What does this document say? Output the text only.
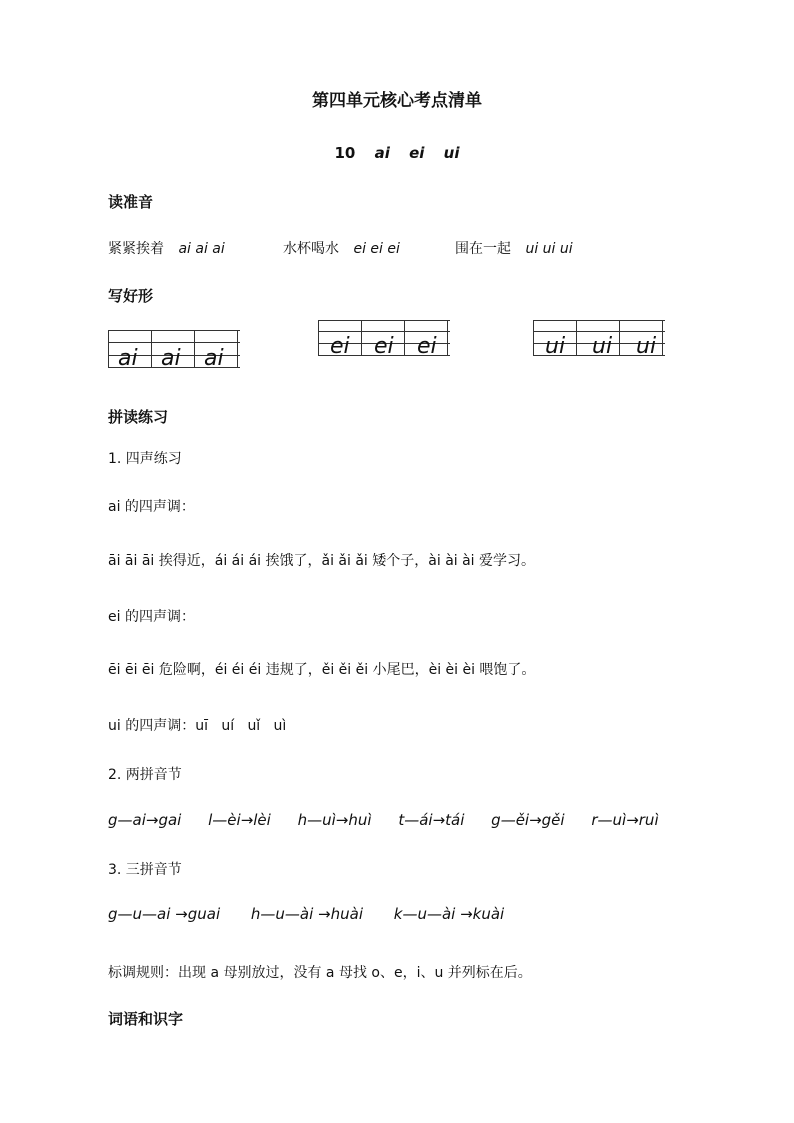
第四单元核心考点清单
10 ai ei ui
读准音
紧紧挨着 ai ai ai	水杯喝水 ei ei ei	围在一起 ui ui ui
写好形
ai ai ai	ei ei ei	ui ui ui
拼读练习
1. 四声练习
ai 的四声调：
āi āi āi 挨得近，ái ái ái 挨饿了，ǎi ǎi ǎi 矮个子，ài ài ài 爱学习。
ei 的四声调：
ēi ēi ēi 危险啊，éi éi éi 违规了，ěi ěi ěi 小尾巴，èi èi èi 喂饱了。
ui 的四声调：uī   uí   uǐ   uì
2. 两拼音节
g—ai→gai l—èi→lèi h—uì→huì t—ái→tái g—ěi→gěi r—uì→ruì
3. 三拼音节
g—u—ai →guai h—u—ài →huài k—u—ài →kuài
标调规则：出现 a 母别放过，没有 a 母找 o、e，i、u 并列标在后。
词语和识字
